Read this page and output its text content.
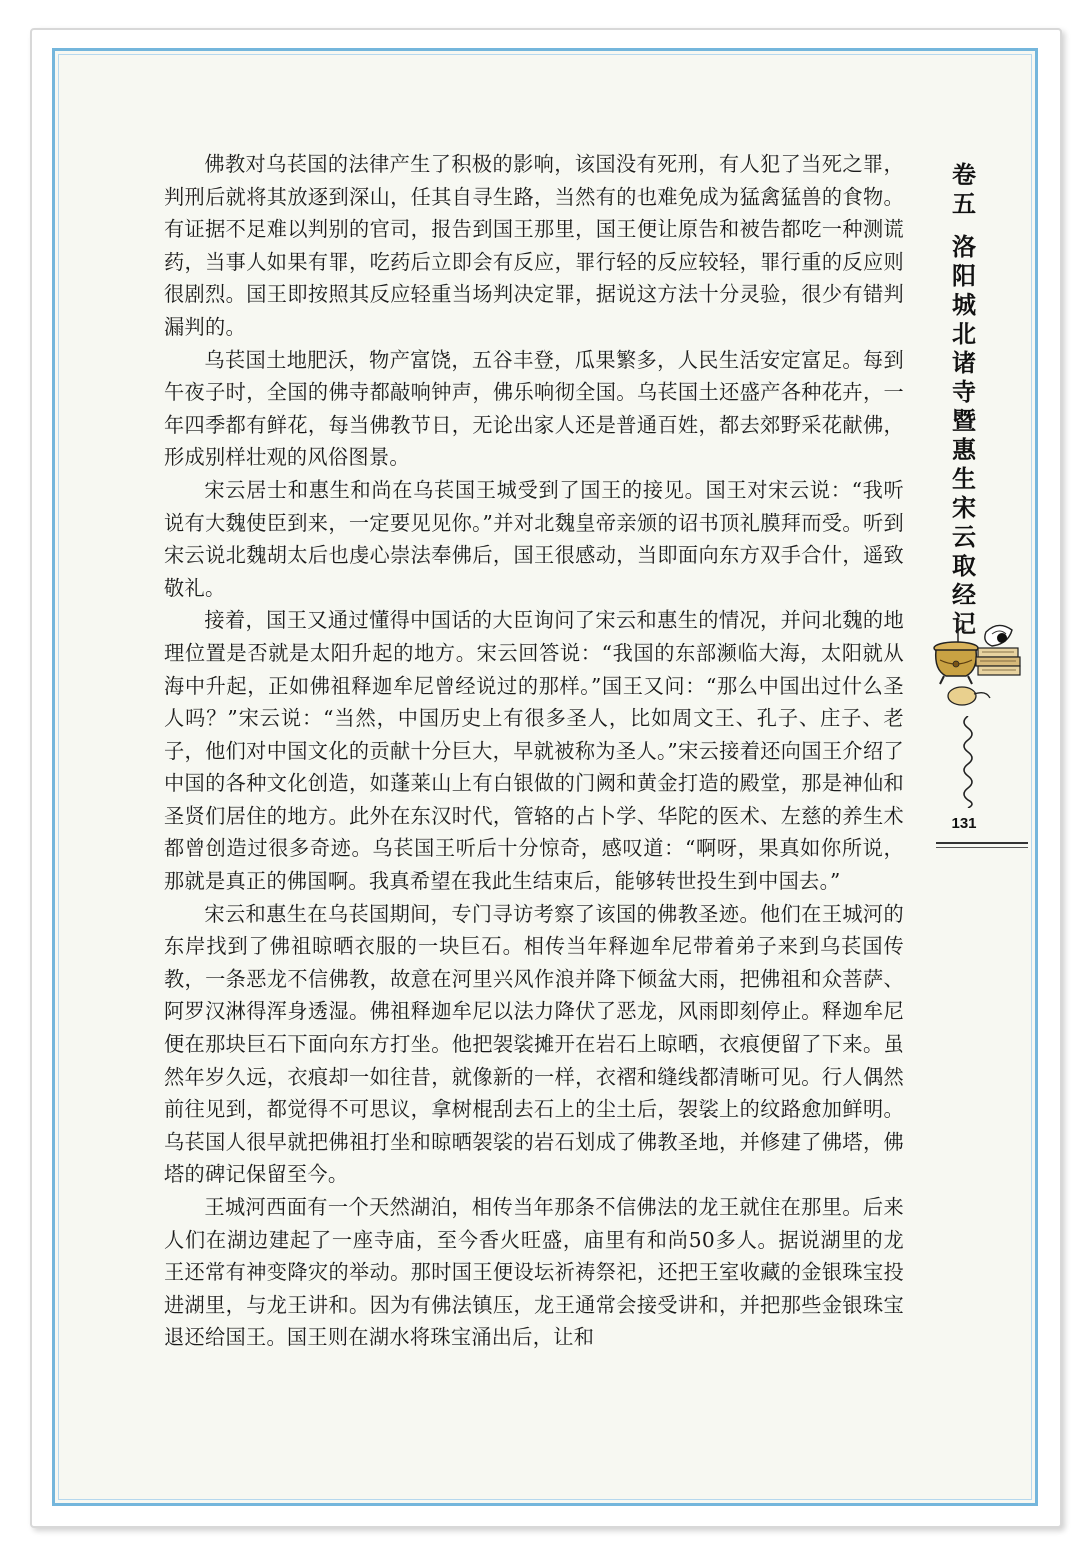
佛教对乌苌国的法律产生了积极的影响，该国没有死刑，有人犯了当死之罪，判刑后就将其放逐到深山，任其自寻生路，当然有的也难免成为猛禽猛兽的食物。有证据不足难以判别的官司，报告到国王那里，国王便让原告和被告都吃一种测谎药，当事人如果有罪，吃药后立即会有反应，罪行轻的反应较轻，罪行重的反应则很剧烈。国王即按照其反应轻重当场判决定罪，据说这方法十分灵验，很少有错判漏判的。

乌苌国土地肥沃，物产富饶，五谷丰登，瓜果繁多，人民生活安定富足。每到午夜子时，全国的佛寺都敲响钟声，佛乐响彻全国。乌苌国土还盛产各种花卉，一年四季都有鲜花，每当佛教节日，无论出家人还是普通百姓，都去郊野采花献佛，形成别样壮观的风俗图景。

宋云居士和惠生和尚在乌苌国王城受到了国王的接见。国王对宋云说：“我听说有大魏使臣到来，一定要见见你。”并对北魏皇帝亲颁的诏书顶礼膜拜而受。听到宋云说北魏胡太后也虔心崇法奉佛后，国王很感动，当即面向东方双手合什，遥致敬礼。

接着，国王又通过懂得中国话的大臣询问了宋云和惠生的情况，并问北魏的地理位置是否就是太阳升起的地方。宋云回答说：“我国的东部濒临大海，太阳就从海中升起，正如佛祖释迦牟尼曾经说过的那样。”国王又问：“那么中国出过什么圣人吗？”宋云说：“当然，中国历史上有很多圣人，比如周文王、孔子、庄子、老子，他们对中国文化的贡献十分巨大，早就被称为圣人。”宋云接着还向国王介绍了中国的各种文化创造，如蓬莱山上有白银做的门阙和黄金打造的殿堂，那是神仙和圣贤们居住的地方。此外在东汉时代，管辂的占卜学、华陀的医术、左慈的养生术都曾创造过很多奇迹。乌苌国王听后十分惊奇，感叹道：“啊呀，果真如你所说，那就是真正的佛国啊。我真希望在我此生结束后，能够转世投生到中国去。”

宋云和惠生在乌苌国期间，专门寻访考察了该国的佛教圣迹。他们在王城河的东岸找到了佛祖晾晒衣服的一块巨石。相传当年释迦牟尼带着弟子来到乌苌国传教，一条恶龙不信佛教，故意在河里兴风作浪并降下倾盆大雨，把佛祖和众菩萨、阿罗汉淋得浑身透湿。佛祖释迦牟尼以法力降伏了恶龙，风雨即刻停止。释迦牟尼便在那块巨石下面向东方打坐。他把袈裟摊开在岩石上晾晒，衣痕便留了下来。虽然年岁久远，衣痕却一如往昔，就像新的一样，衣褶和缝线都清晰可见。行人偶然前往见到，都觉得不可思议，拿树棍刮去石上的尘土后，袈裟上的纹路愈加鲜明。乌苌国人很早就把佛祖打坐和晾晒袈裟的岩石划成了佛教圣地，并修建了佛塔，佛塔的碑记保留至今。

王城河西面有一个天然湖泊，相传当年那条不信佛法的龙王就住在那里。后来人们在湖边建起了一座寺庙，至今香火旺盛，庙里有和尚50多人。据说湖里的龙王还常有神变降灾的举动。那时国王便设坛祈祷祭祀，还把王室收藏的金银珠宝投进湖里，与龙王讲和。因为有佛法镇压，龙王通常会接受讲和，并把那些金银珠宝退还给国王。国王则在湖水将珠宝涌出后，让和

卷
五
洛
阳
城
北
诸
寺
暨
惠
生
宋
云
取
经
记
131
